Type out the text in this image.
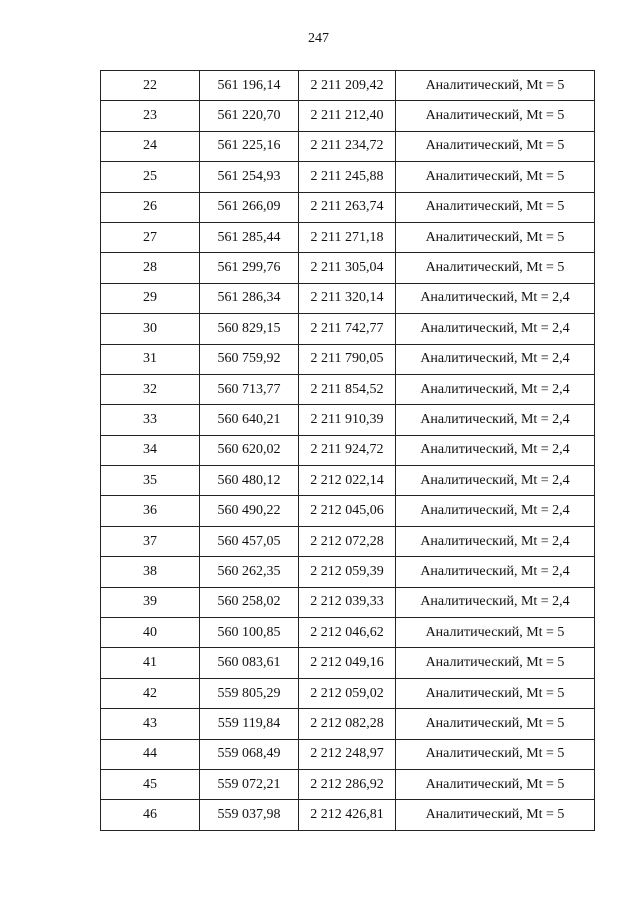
247
22	561 196,14	2 211 209,42	Аналитический, Mt = 5
23	561 220,70	2 211 212,40	Аналитический, Mt = 5
24	561 225,16	2 211 234,72	Аналитический, Mt = 5
25	561 254,93	2 211 245,88	Аналитический, Mt = 5
26	561 266,09	2 211 263,74	Аналитический, Mt = 5
27	561 285,44	2 211 271,18	Аналитический, Mt = 5
28	561 299,76	2 211 305,04	Аналитический, Mt = 5
29	561 286,34	2 211 320,14	Аналитический, Mt = 2,4
30	560 829,15	2 211 742,77	Аналитический, Mt = 2,4
31	560 759,92	2 211 790,05	Аналитический, Mt = 2,4
32	560 713,77	2 211 854,52	Аналитический, Mt = 2,4
33	560 640,21	2 211 910,39	Аналитический, Mt = 2,4
34	560 620,02	2 211 924,72	Аналитический, Mt = 2,4
35	560 480,12	2 212 022,14	Аналитический, Mt = 2,4
36	560 490,22	2 212 045,06	Аналитический, Mt = 2,4
37	560 457,05	2 212 072,28	Аналитический, Mt = 2,4
38	560 262,35	2 212 059,39	Аналитический, Mt = 2,4
39	560 258,02	2 212 039,33	Аналитический, Mt = 2,4
40	560 100,85	2 212 046,62	Аналитический, Mt = 5
41	560 083,61	2 212 049,16	Аналитический, Mt = 5
42	559 805,29	2 212 059,02	Аналитический, Mt = 5
43	559 119,84	2 212 082,28	Аналитический, Mt = 5
44	559 068,49	2 212 248,97	Аналитический, Mt = 5
45	559 072,21	2 212 286,92	Аналитический, Mt = 5
46	559 037,98	2 212 426,81	Аналитический, Mt = 5
